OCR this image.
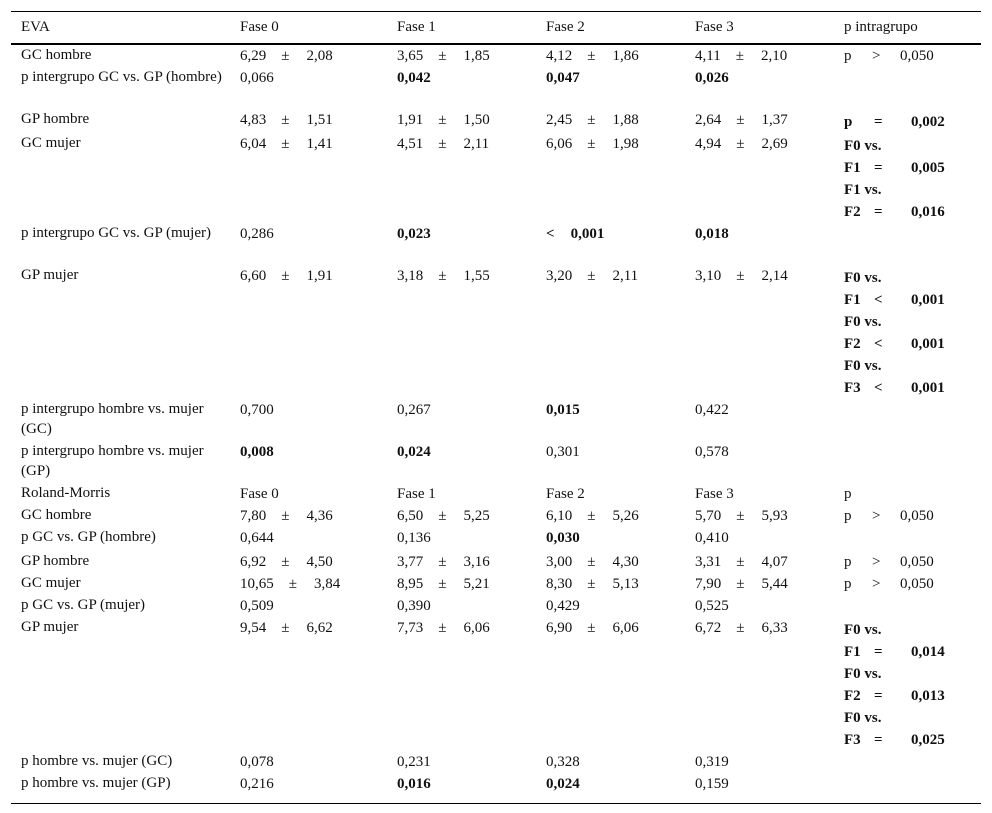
EVA	Fase 0	Fase 1	Fase 2	Fase 3	p intragrupo
GC hombre	6,29 ± 2,08	3,65 ± 1,85	4,12 ± 1,86	4,11 ± 2,10	p > 0,050
p intergrupo GC vs. GP (hombre)	0,066	0,042	0,047	0,026
GP hombre	4,83 ± 1,51	1,91 ± 1,50	2,45 ± 1,88	2,64 ± 1,37	p = 0,002
GC mujer	6,04 ± 1,41	4,51 ± 2,11	6,06 ± 1,98	4,94 ± 2,69	F0 vs.
F1 = 0,005
F1 vs.
F2 = 0,016
p intergrupo GC vs. GP (mujer)	0,286	0,023	< 0,001	0,018
GP mujer	6,60 ± 1,91	3,18 ± 1,55	3,20 ± 2,11	3,10 ± 2,14	F0 vs.
F1 < 0,001
F0 vs.
F2 < 0,001
F0 vs.
F3 < 0,001
p intergrupo hombre vs. mujer (GC)
0,700	0,267	0,015	0,422
p intergrupo hombre vs. mujer (GP)
0,008	0,024	0,301	0,578
Roland-Morris	Fase 0	Fase 1	Fase 2	Fase 3	p
GC hombre	7,80 ± 4,36	6,50 ± 5,25	6,10 ± 5,26	5,70 ± 5,93	p > 0,050
p GC vs. GP (hombre)	0,644	0,136	0,030	0,410
GP hombre	6,92 ± 4,50	3,77 ± 3,16	3,00 ± 4,30	3,31 ± 4,07	p > 0,050
GC mujer	10,65 ± 3,84	8,95 ± 5,21	8,30 ± 5,13	7,90 ± 5,44	p > 0,050
p GC vs. GP (mujer)	0,509	0,390	0,429	0,525
GP mujer	9,54 ± 6,62	7,73 ± 6,06	6,90 ± 6,06	6,72 ± 6,33	F0 vs.
F1 = 0,014
F0 vs.
F2 = 0,013
F0 vs.
F3 = 0,025
p hombre vs. mujer (GC)	0,078	0,231	0,328	0,319
p hombre vs. mujer (GP)	0,216	0,016	0,024	0,159
